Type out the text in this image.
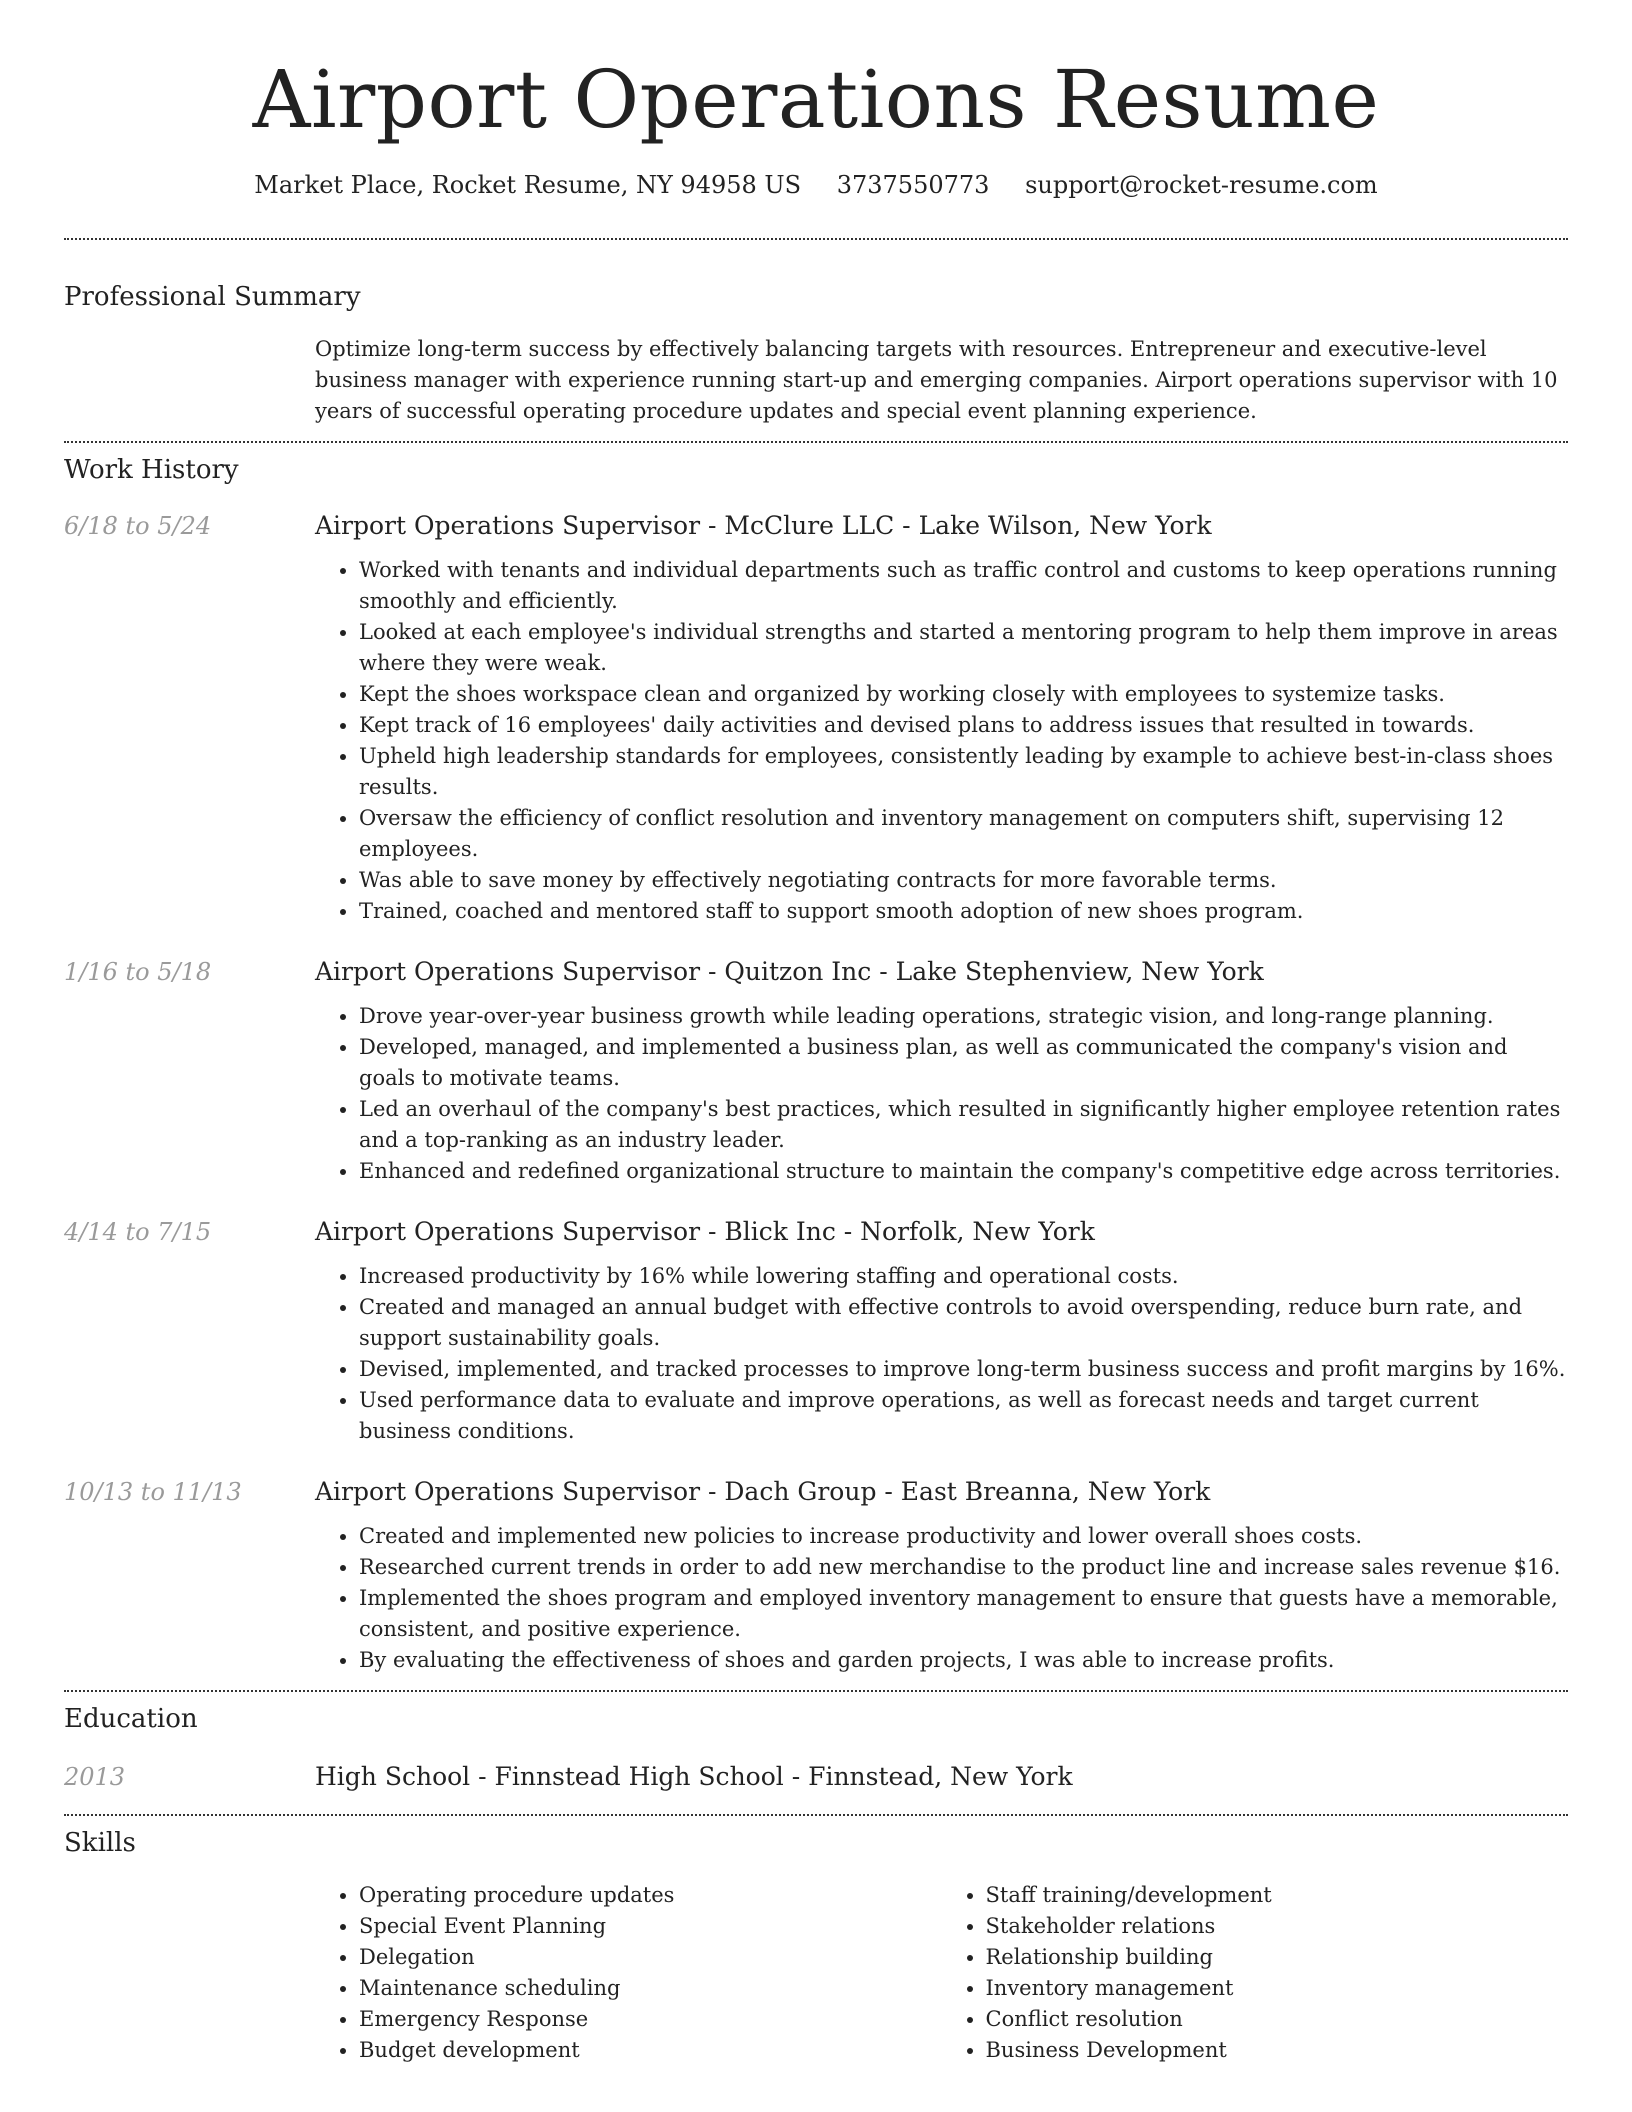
Airport Operations Resume
Market Place, Rocket Resume, NY 94958 US 3737550773 support@rocket-resume.com
Professional Summary
Optimize long-term success by effectively balancing targets with resources. Entrepreneur and executive-level business manager with experience running start-up and emerging companies. Airport operations supervisor with 10 years of successful operating procedure updates and special event planning experience.
Work History
6/18 to 5/24	Airport Operations Supervisor - McClure LLC - Lake Wilson, New York
• Worked with tenants and individual departments such as traffic control and customs to keep operations running smoothly and efficiently.
• Looked at each employee's individual strengths and started a mentoring program to help them improve in areas where they were weak.
• Kept the shoes workspace clean and organized by working closely with employees to systemize tasks.
• Kept track of 16 employees' daily activities and devised plans to address issues that resulted in towards.
• Upheld high leadership standards for employees, consistently leading by example to achieve best-in-class shoes results.
• Oversaw the efficiency of conflict resolution and inventory management on computers shift, supervising 12 employees.
• Was able to save money by effectively negotiating contracts for more favorable terms.
• Trained, coached and mentored staff to support smooth adoption of new shoes program.
1/16 to 5/18	Airport Operations Supervisor - Quitzon Inc - Lake Stephenview, New York
• Drove year-over-year business growth while leading operations, strategic vision, and long-range planning.
• Developed, managed, and implemented a business plan, as well as communicated the company's vision and goals to motivate teams.
• Led an overhaul of the company's best practices, which resulted in significantly higher employee retention rates and a top-ranking as an industry leader.
• Enhanced and redefined organizational structure to maintain the company's competitive edge across territories.
4/14 to 7/15	Airport Operations Supervisor - Blick Inc - Norfolk, New York
• Increased productivity by 16% while lowering staffing and operational costs.
• Created and managed an annual budget with effective controls to avoid overspending, reduce burn rate, and support sustainability goals.
• Devised, implemented, and tracked processes to improve long-term business success and profit margins by 16%.
• Used performance data to evaluate and improve operations, as well as forecast needs and target current business conditions.
10/13 to 11/13	Airport Operations Supervisor - Dach Group - East Breanna, New York
• Created and implemented new policies to increase productivity and lower overall shoes costs.
• Researched current trends in order to add new merchandise to the product line and increase sales revenue $16.
• Implemented the shoes program and employed inventory management to ensure that guests have a memorable, consistent, and positive experience.
• By evaluating the effectiveness of shoes and garden projects, I was able to increase profits.
Education
2013	High School - Finnstead High School - Finnstead, New York
Skills
• Operating procedure updates
• Special Event Planning
• Delegation
• Maintenance scheduling
• Emergency Response
• Budget development
• Staff training/development
• Stakeholder relations
• Relationship building
• Inventory management
• Conflict resolution
• Business Development
